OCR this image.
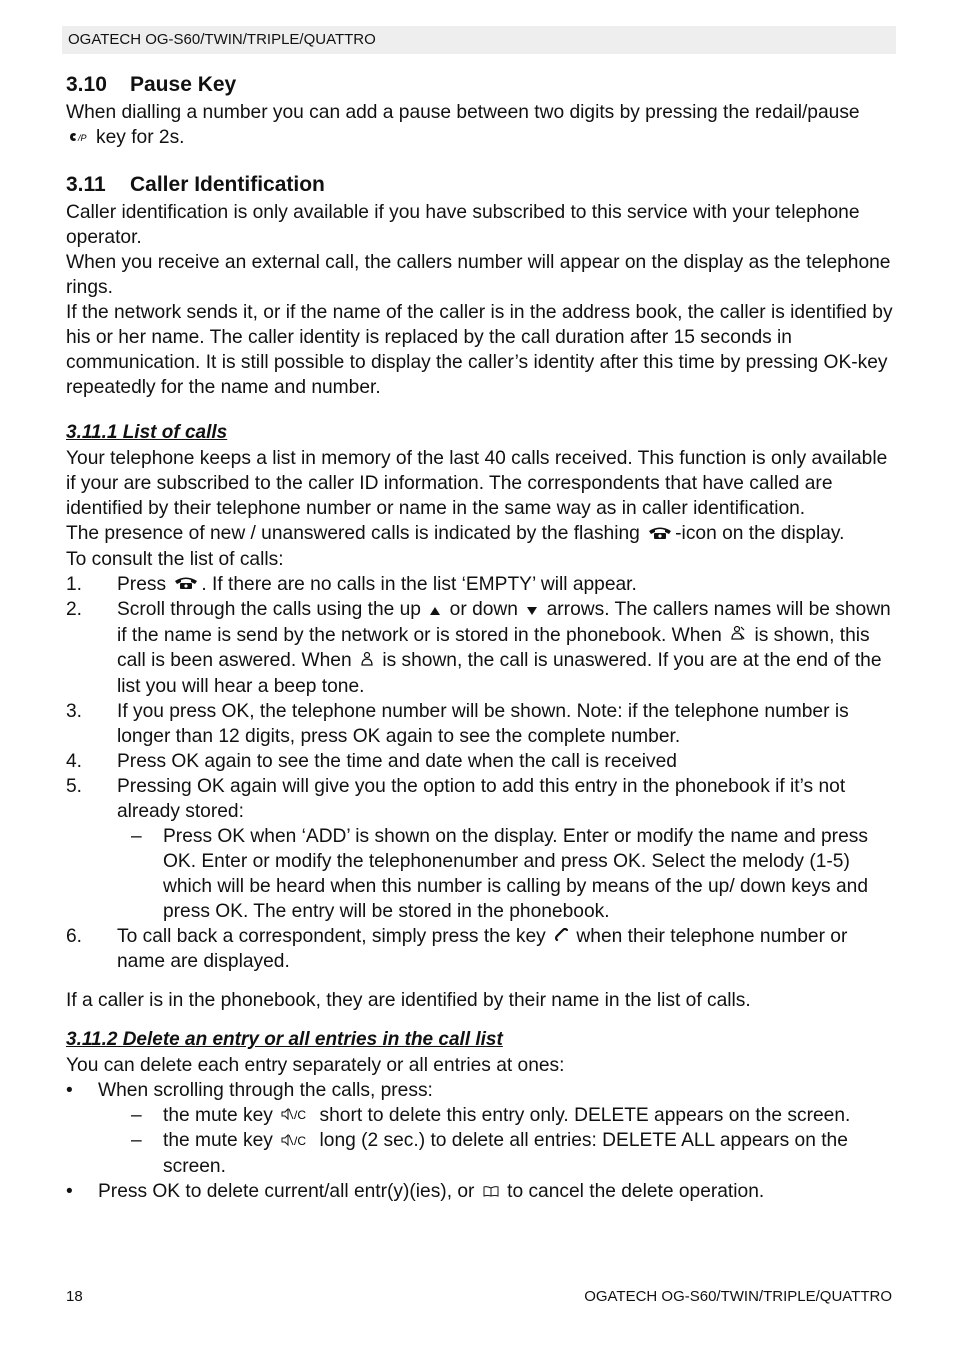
OGATECH OG-S60/TWIN/TRIPLE/QUATTRO
3.10 Pause Key

When dialling a number you can add a pause between two digits by pressing the redail/pause

/P key for 2s.

3.11 Caller Identification

Caller identification is only available if you have subscribed to this service with your telephone operator.

When you receive an external call, the callers number will appear on the display as the telephone rings.

If the network sends it, or if the name of the caller is in the address book, the caller is identified by his or her name. The caller identity is replaced by the call duration after 15 seconds in communication. It is still possible to display the caller’s identity after this time by pressing OK-key repeatedly for the name and number.

3.11.1 List of calls

Your telephone keeps a list in memory of the last 40 calls received. This function is only available if your are subscribed to the caller ID information. The correspondents that have called are identified by their telephone number or name in the same way as in caller identification.

The presence of new / unanswered calls is indicated by the flashing -icon on the display.

To consult the list of calls:

1.	Press . If there are no calls in the list ‘EMPTY’ will appear.
2.	Scroll through the calls using the up or down arrows. The callers names will be shown if the name is send by the network or is stored in the phonebook. When is shown, this call is been aswered. When is shown, the call is unaswered. If you are at the end of the list you will hear a beep tone.
3.	If you press OK, the telephone number will be shown. Note: if the telephone number is longer than 12 digits, press OK again to see the complete number.
4.	Press OK again to see the time and date when the call is received
5.	Pressing OK again will give you the option to add this entry in the phonebook if it’s not already stored:
–	Press OK when ‘ADD’ is shown on the display. Enter or modify the name and press OK. Enter or modify the telephonenumber and press OK. Select the melody (1-5) which will be heard when this number is calling by means of the up/ down keys and press OK. The entry will be stored in the phonebook.
6.	To call back a correspondent, simply press the key when their telephone number or name are displayed.

If a caller is in the phonebook, they are identified by their name in the list of calls.

3.11.2 Delete an entry or all entries in the call list

You can delete each entry separately or all entries at ones:

•	When scrolling through the calls, press:
–	the mute key /C short to delete this entry only. DELETE appears on the screen.
–	the mute key /C long (2 sec.) to delete all entries: DELETE ALL appears on the screen.
•	Press OK to delete current/all entr(y)(ies), or to cancel the delete operation.
18	OGATECH OG-S60/TWIN/TRIPLE/QUATTRO
